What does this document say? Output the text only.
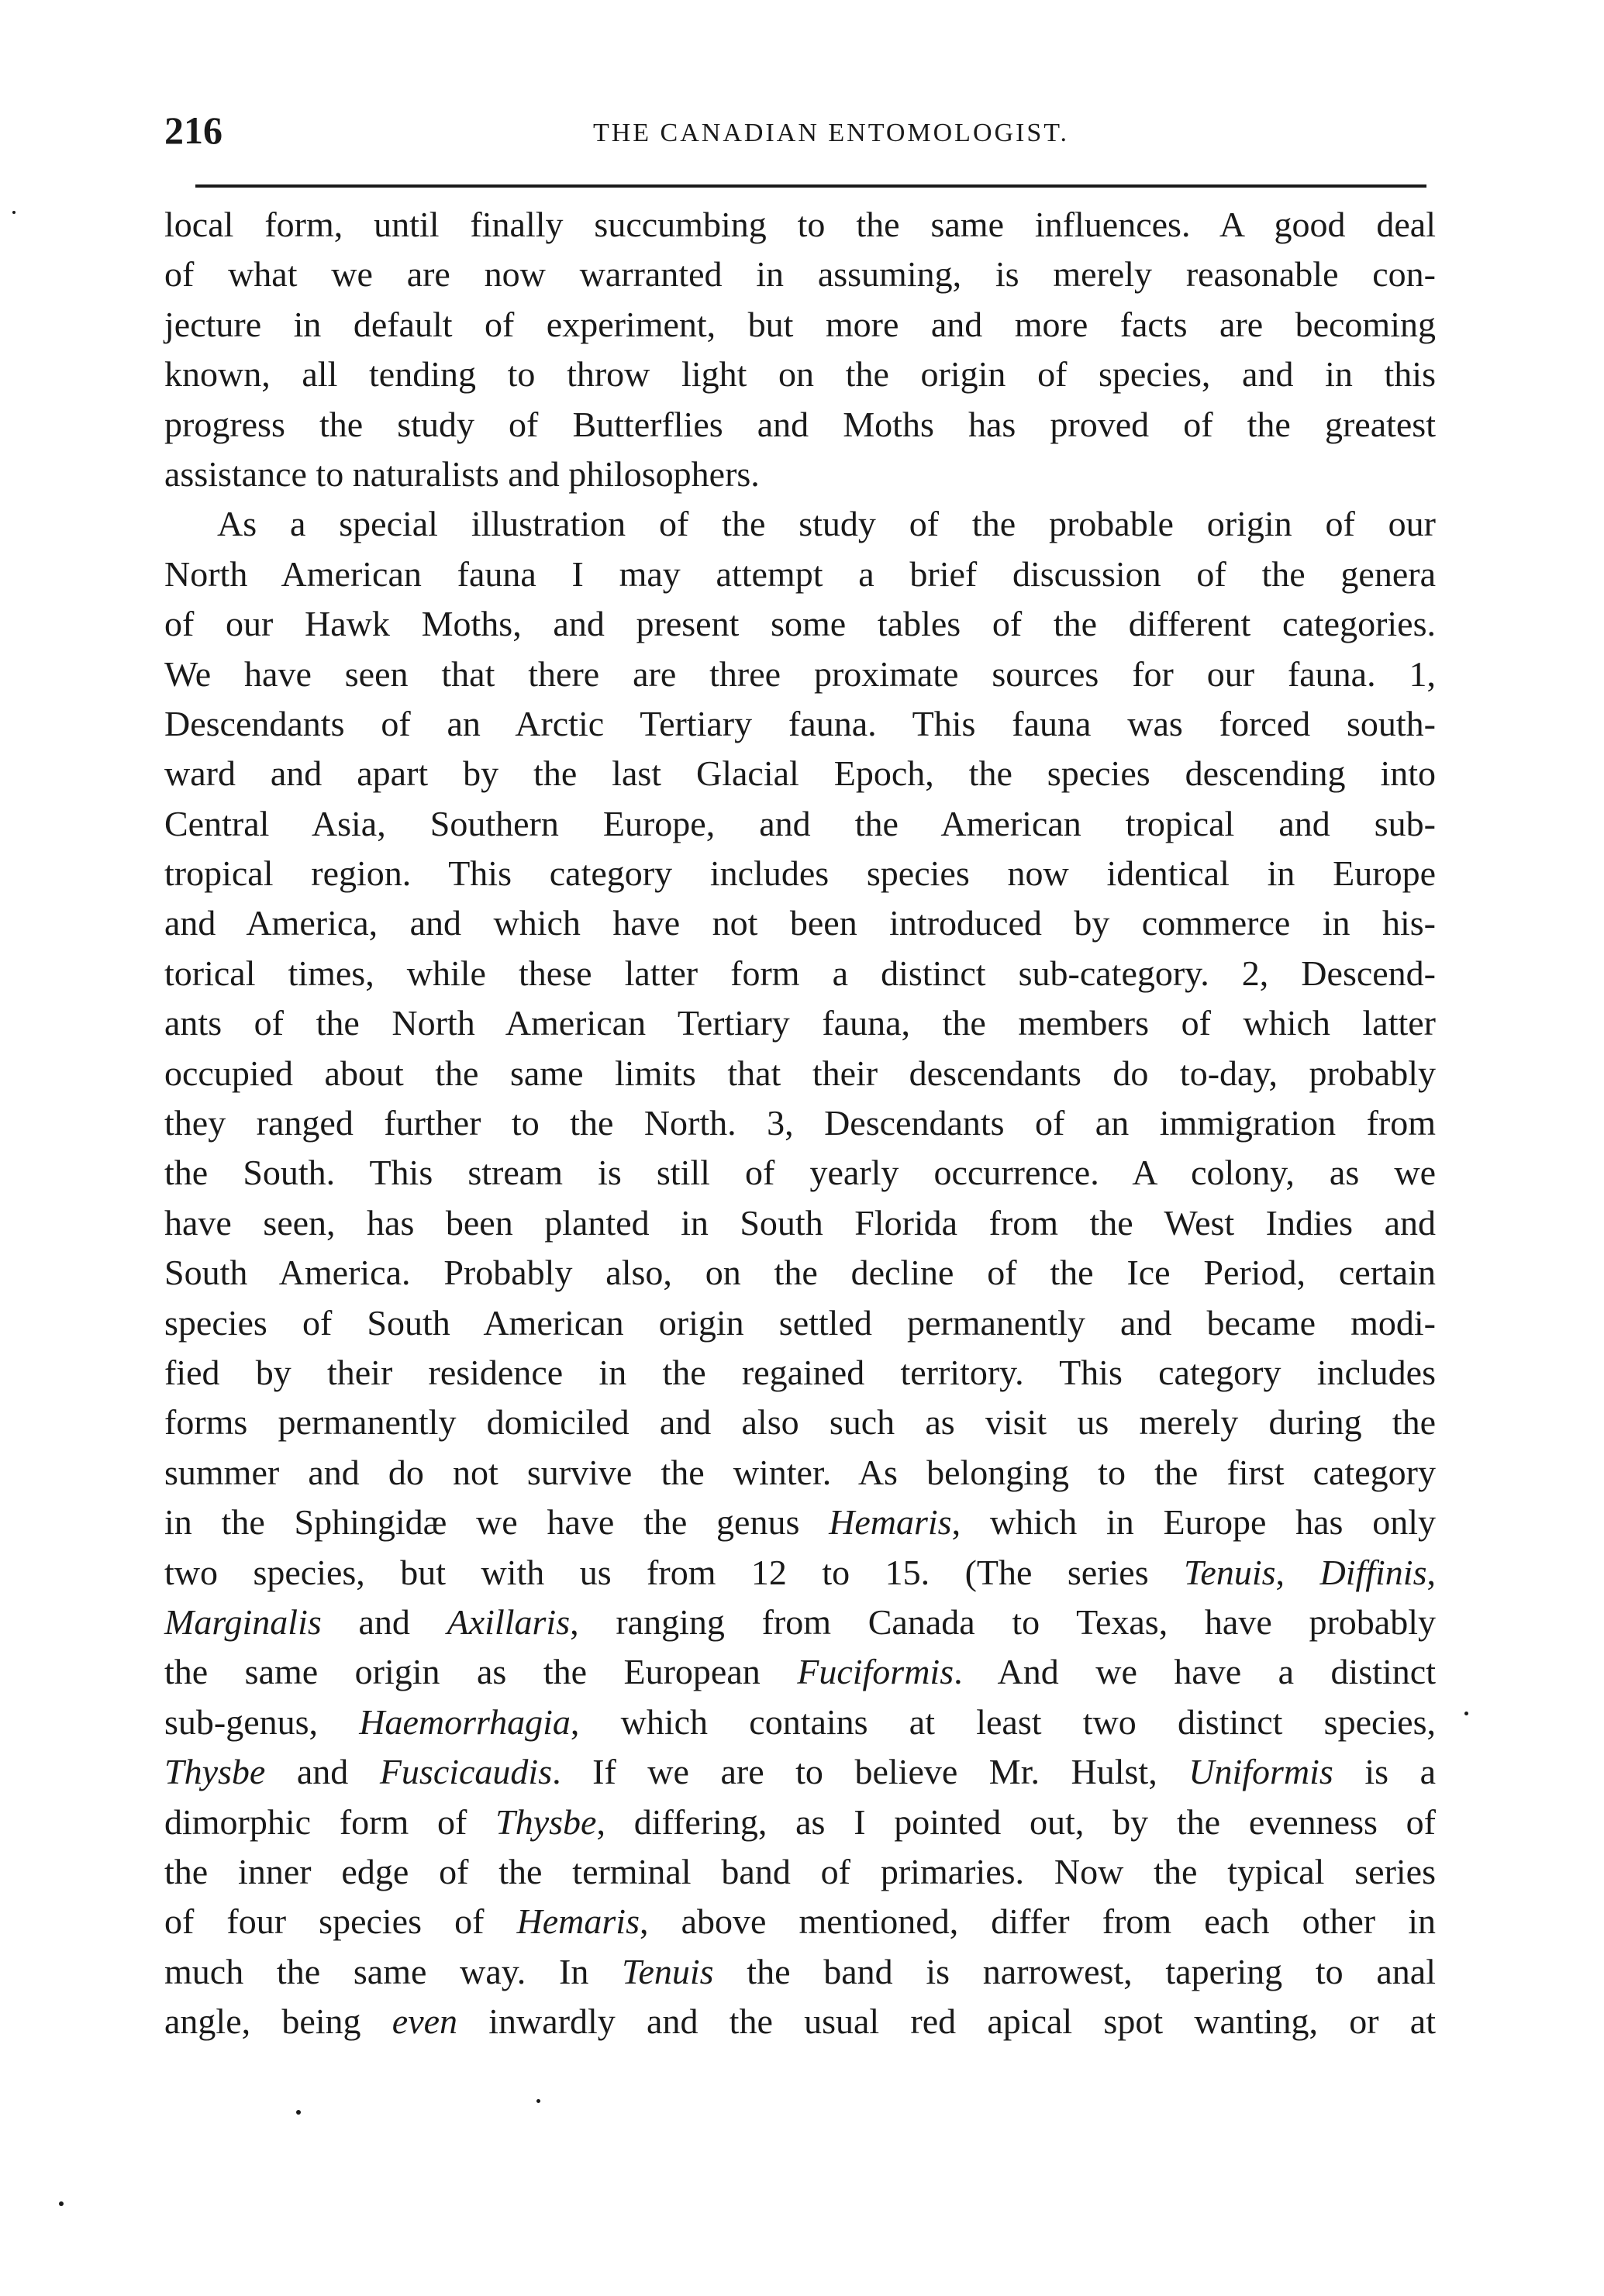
216	THE CANADIAN ENTOMOLOGIST.
local form, until finally succumbing to the same influences. A good deal
of what we are now warranted in assuming, is merely reasonable con-
jecture in default of experiment, but more and more facts are becoming
known, all tending to throw light on the origin of species, and in this
progress the study of Butterflies and Moths has proved of the greatest
assistance to naturalists and philosophers.
As a special illustration of the study of the probable origin of our
North American fauna I may attempt a brief discussion of the genera
of our Hawk Moths, and present some tables of the different categories.
We have seen that there are three proximate sources for our fauna. 1,
Descendants of an Arctic Tertiary fauna. This fauna was forced south-
ward and apart by the last Glacial Epoch, the species descending into
Central Asia, Southern Europe, and the American tropical and sub-
tropical region. This category includes species now identical in Europe
and America, and which have not been introduced by commerce in his-
torical times, while these latter form a distinct sub-category. 2, Descend-
ants of the North American Tertiary fauna, the members of which latter
occupied about the same limits that their descendants do to-day, probably
they ranged further to the North. 3, Descendants of an immigration from
the South. This stream is still of yearly occurrence. A colony, as we
have seen, has been planted in South Florida from the West Indies and
South America. Probably also, on the decline of the Ice Period, certain
species of South American origin settled permanently and became modi-
fied by their residence in the regained territory. This category includes
forms permanently domiciled and also such as visit us merely during the
summer and do not survive the winter. As belonging to the first category
in the Sphingidæ we have the genus Hemaris, which in Europe has only
two species, but with us from 12 to 15. (The series Tenuis, Diffinis,
Marginalis and Axillaris, ranging from Canada to Texas, have probably
the same origin as the European Fuciformis. And we have a distinct
sub-genus, Haemorrhagia, which contains at least two distinct species,
Thysbe and Fuscicaudis. If we are to believe Mr. Hulst, Uniformis is a
dimorphic form of Thysbe, differing, as I pointed out, by the evenness of
the inner edge of the terminal band of primaries. Now the typical series
of four species of Hemaris, above mentioned, differ from each other in
much the same way. In Tenuis the band is narrowest, tapering to anal
angle, being even inwardly and the usual red apical spot wanting, or at
